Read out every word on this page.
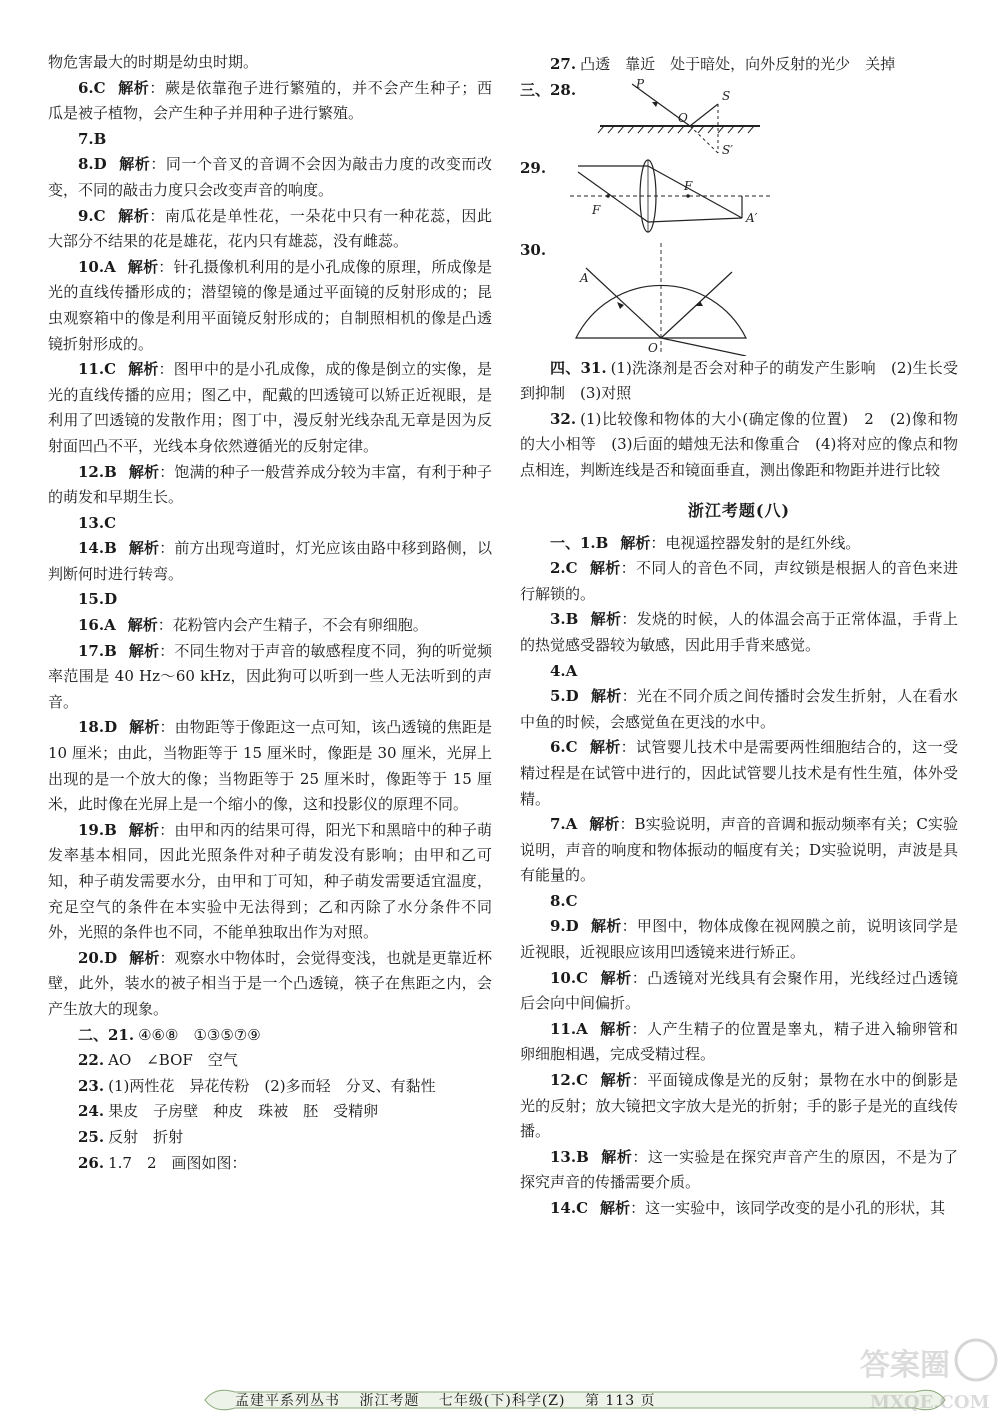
物危害最大的时期是幼虫时期。

6.C 解析：蕨是依靠孢子进行繁殖的，并不会产生种子；西瓜是被子植物，会产生种子并用种子进行繁殖。

7.B

8.D 解析：同一个音叉的音调不会因为敲击力度的改变而改变，不同的敲击力度只会改变声音的响度。

9.C 解析：南瓜花是单性花，一朵花中只有一种花蕊，因此大部分不结果的花是雄花，花内只有雄蕊，没有雌蕊。

10.A 解析：针孔摄像机利用的是小孔成像的原理，所成像是光的直线传播形成的；潜望镜的像是通过平面镜的反射形成的；昆虫观察箱中的像是利用平面镜反射形成的；自制照相机的像是凸透镜折射形成的。

11.C 解析：图甲中的是小孔成像，成的像是倒立的实像，是光的直线传播的应用；图乙中，配戴的凹透镜可以矫正近视眼，是利用了凹透镜的发散作用；图丁中，漫反射光线杂乱无章是因为反射面凹凸不平，光线本身依然遵循光的反射定律。

12.B 解析：饱满的种子一般营养成分较为丰富，有利于种子的萌发和早期生长。

13.C

14.B 解析：前方出现弯道时，灯光应该由路中移到路侧，以判断何时进行转弯。

15.D

16.A 解析：花粉管内会产生精子，不会有卵细胞。

17.B 解析：不同生物对于声音的敏感程度不同，狗的听觉频率范围是 40 Hz～60 kHz，因此狗可以听到一些人无法听到的声音。

18.D 解析：由物距等于像距这一点可知，该凸透镜的焦距是 10 厘米；由此，当物距等于 15 厘米时，像距是 30 厘米，光屏上出现的是一个放大的像；当物距等于 25 厘米时，像距等于 15 厘米，此时像在光屏上是一个缩小的像，这和投影仪的原理不同。

19.B 解析：由甲和丙的结果可得，阳光下和黑暗中的种子萌发率基本相同，因此光照条件对种子萌发没有影响；由甲和乙可知，种子萌发需要水分，由甲和丁可知，种子萌发需要适宜温度，充足空气的条件在本实验中无法得到；乙和丙除了水分条件不同外，光照的条件也不同，不能单独取出作为对照。

20.D 解析：观察水中物体时，会觉得变浅，也就是更靠近杯壁，此外，装水的被子相当于是一个凸透镜，筷子在焦距之内，会产生放大的现象。

二、21. ④⑥⑧　①③⑤⑦⑨

22. AO　∠BOF　空气

23. (1)两性花　异花传粉　(2)多而轻　分叉、有黏性

24. 果皮　子房壁　种皮　珠被　胚　受精卵

25. 反射　折射

26. 1.7　2　画图如图：

27. 凸透　靠近　处于暗处，向外反射的光少　关掉

三、28.	P
S
O
S′
29.
F
F
A′
30.
A
O

四、31. (1)洗涤剂是否会对种子的萌发产生影响　(2)生长受到抑制　(3)对照

32. (1)比较像和物体的大小(确定像的位置)　2　(2)像和物的大小相等　(3)后面的蜡烛无法和像重合　(4)将对应的像点和物点相连，判断连线是否和镜面垂直，测出像距和物距并进行比较

浙江考题(八)

一、1.B 解析：电视遥控器发射的是红外线。

2.C 解析：不同人的音色不同，声纹锁是根据人的音色来进行解锁的。

3.B 解析：发烧的时候，人的体温会高于正常体温，手背上的热觉感受器较为敏感，因此用手背来感觉。

4.A

5.D 解析：光在不同介质之间传播时会发生折射，人在看水中鱼的时候，会感觉鱼在更浅的水中。

6.C 解析：试管婴儿技术中是需要两性细胞结合的，这一受精过程是在试管中进行的，因此试管婴儿技术是有性生殖，体外受精。

7.A 解析：B实验说明，声音的音调和振动频率有关；C实验说明，声音的响度和物体振动的幅度有关；D实验说明，声波是具有能量的。

8.C

9.D 解析：甲图中，物体成像在视网膜之前，说明该同学是近视眼，近视眼应该用凹透镜来进行矫正。

10.C 解析：凸透镜对光线具有会聚作用，光线经过凸透镜后会向中间偏折。

11.A 解析：人产生精子的位置是睾丸，精子进入输卵管和卵细胞相遇，完成受精过程。

12.C 解析：平面镜成像是光的反射；景物在水中的倒影是光的反射；放大镜把文字放大是光的折射；手的影子是光的直线传播。

13.B 解析：这一实验是在探究声音产生的原因，不是为了探究声音的传播需要介质。

14.C 解析：这一实验中，该同学改变的是小孔的形状，其

孟建平系列丛书 浙江考题 七年级(下)科学(Z) 第 113 页
答案圈
MXQE.COM
